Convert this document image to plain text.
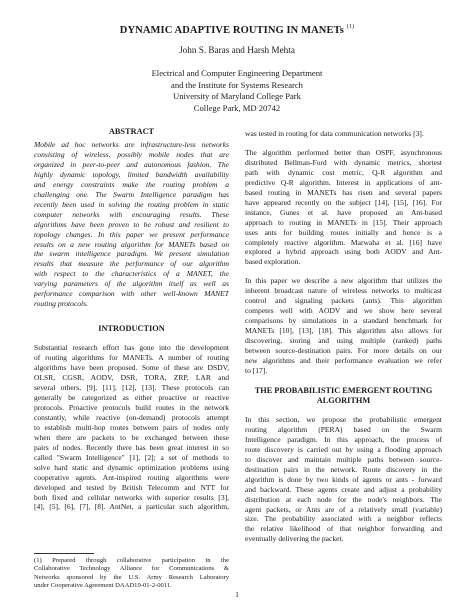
DYNAMIC ADAPTIVE ROUTING IN MANETs $^{(1)}$
John S. Baras and Harsh Mehta
Electrical and Computer Engineering Department
and the Institute for Systems Research
University of Maryland College Park
College Park, MD 20742
ABSTRACT
Mobile ad hoc networks are infrastructure-less networks
consisting of wireless, possibly mobile nodes that are
organized in peer-to-peer and autonomous fashion. The
highly dynamic topology, limited bandwidth availability
and energy constraints make the routing problem a
challenging one. The Swarm Intelligence paradigm has
recently been used in solving the routing problem in static
computer networks with encouraging results. These
algorithms have been proven to be robust and resilient to
topology changes. In this paper we present performance
results on a new routing algorithm for MANETs based on
the swarm intelligence paradigm. We present simulation
results that measure the performance of our algorithm
with respect to the characteristics of a MANET, the
varying parameters of the algorithm itself as well as
performance comparison with other well-known MANET
routing protocols.
INTRODUCTION
Substantial research effort has gone into the development
of routing algorithms for MANETs. A number of routing
algorithms have been proposed. Some of these are DSDV,
OLSR, CGSR, AODV, DSR, TORA, ZRP, LAR and
several others, [9], [11], [12], [13]. These protocols can
generally be categorized as either proactive or reactive
protocols. Proactive protocols build routes in the network
constantly, while reactive (on-demand) protocols attempt
to establish multi-hop routes between pairs of nodes only
when there are packets to be exchanged between these
pairs of nodes. Recently there has been great interest in so
called "Swarm Intelligence" [1], [2]; a set of methods to
solve hard static and dynamic optimization problems using
cooperative agents. Ant-inspired routing algorithms were
developed and tested by British Telecomm and NTT for
both fixed and cellular networks with superior results [3],
[4], [5], [6], [7], [8]. AntNet, a particular such algorithm,
(1) Prepared through collaborative participation in the
Collaborative Technology Alliance for Communications &
Networks sponsored by the U.S. Army Research Laboratory
under Cooperative Agreement DAAD19-01-2-0011.
was tested in routing for data communication networks [3].
The algorithm performed better than OSPF, asynchronous
distributed Bellman-Ford with dynamic metrics, shortest
path with dynamic cost metric, Q-R algorithm and
predictive Q-R algorithm. Interest in applications of ant-
based routing in MANETs has risen and several papers
have appeared recently on the subject [14], [15], [16]. For
instance, Gunes et al. have proposed an Ant-based
approach to routing in MANETs in [15]. Their approach
uses ants for building routes initially and hence is a
completely reactive algorithm. Marwaha et al. [16] have
explored a hybrid approach using both AODV and Ant-
based exploration.
In this paper we describe a new algorithm that utilizes the
inherent broadcast nature of wireless networks to multicast
control and signaling packets (ants). This algorithm
competes well with AODV and we show here several
comparisons by simulations in a standard benchmark for
MANETs [10], [13], [18]. This algorithm also allows for
discovering, storing and using multiple (ranked) paths
between source-destination pairs. For more details on our
new algorithms and their performance evaluation we refer
to [17].
THE PROBABILISTIC EMERGENT ROUTING
ALGORITHM
In this section, we propose the probabilistic emergent
routing algorithm (PERA) based on the Swarm
Intelligence paradigm. In this approach, the process of
route discovery is carried out by using a flooding approach
to discover and maintain multiple paths between source-
destination pairs in the network. Route discovery in the
algorithm is done by two kinds of agents or ants - forward
and backward. These agents create and adjust a probability
distribution at each node for the node's neighbors. The
agent packets, or Ants are of a relatively small (variable)
size. The probability associated with a neighbor reflects
the relative likelihood of that neighbor forwarding and
eventually delivering the packet.
1
